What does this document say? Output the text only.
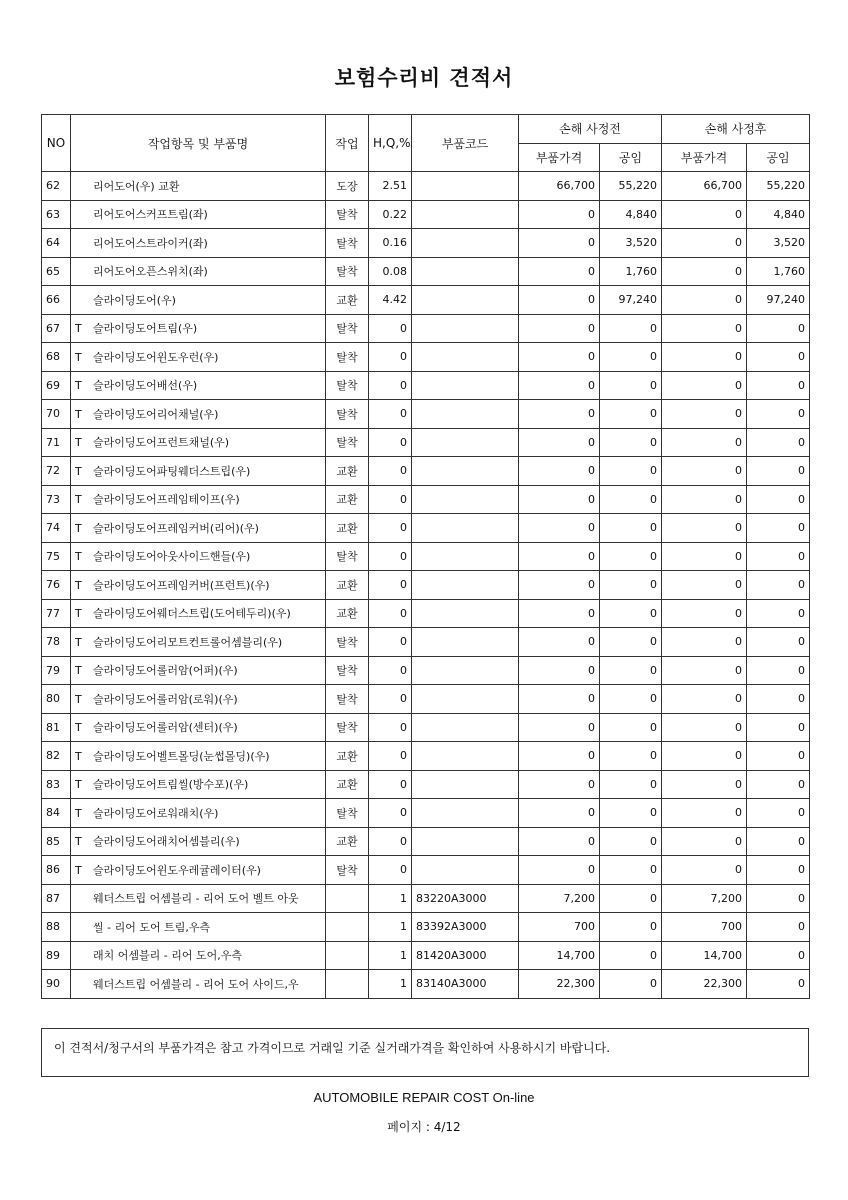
보험수리비 견적서
NO	작업항목 및 부품명	작업	H,Q,%	부품코드	손해 사정전		손해 사정후	
					부품가격	공임	부품가격	공임
62	리어도어(우) 교환	도장	2.51		66,700	55,220	66,700	55,220
63	리어도어스커프트림(좌)	탈착	0.22		0	4,840	0	4,840
64	리어도어스트라이커(좌)	탈착	0.16		0	3,520	0	3,520
65	리어도어오픈스위치(좌)	탈착	0.08		0	1,760	0	1,760
66	슬라이딩도어(우)	교환	4.42		0	97,240	0	97,240
67	T 슬라이딩도어트림(우)	탈착	0		0	0	0	0
68	T 슬라이딩도어윈도우런(우)	탈착	0		0	0	0	0
69	T 슬라이딩도어배선(우)	탈착	0		0	0	0	0
70	T 슬라이딩도어리어채널(우)	탈착	0		0	0	0	0
71	T 슬라이딩도어프런트채널(우)	탈착	0		0	0	0	0
72	T 슬라이딩도어파팅웨더스트립(우)	교환	0		0	0	0	0
73	T 슬라이딩도어프레임테이프(우)	교환	0		0	0	0	0
74	T 슬라이딩도어프레임커버(리어)(우)	교환	0		0	0	0	0
75	T 슬라이딩도어아웃사이드핸들(우)	탈착	0		0	0	0	0
76	T 슬라이딩도어프레임커버(프런트)(우)	교환	0		0	0	0	0
77	T 슬라이딩도어웨더스트립(도어테두리)(우)	교환	0		0	0	0	0
78	T 슬라이딩도어리모트컨트롤어셈블리(우)	탈착	0		0	0	0	0
79	T 슬라이딩도어롤러암(어퍼)(우)	탈착	0		0	0	0	0
80	T 슬라이딩도어롤러암(로워)(우)	탈착	0		0	0	0	0
81	T 슬라이딩도어롤러암(센터)(우)	탈착	0		0	0	0	0
82	T 슬라이딩도어벨트몰딩(눈썹몰딩)(우)	교환	0		0	0	0	0
83	T 슬라이딩도어트림씰(방수포)(우)	교환	0		0	0	0	0
84	T 슬라이딩도어로워래치(우)	탈착	0		0	0	0	0
85	T 슬라이딩도어래치어셈블리(우)	교환	0		0	0	0	0
86	T 슬라이딩도어윈도우레귤레이터(우)	탈착	0		0	0	0	0
87	웨더스트립 어셈블리 - 리어 도어 벨트 아웃		1	83220A3000	7,200	0	7,200	0
88	씰 - 리어 도어 트림,우측		1	83392A3000	700	0	700	0
89	래치 어셈블리 - 리어 도어,우측		1	81420A3000	14,700	0	14,700	0
90	웨더스트립 어셈블리 - 리어 도어 사이드,우		1	83140A3000	22,300	0	22,300	0
이 견적서/청구서의 부품가격은 참고 가격이므로 거래일 기준 실거래가격을 확인하여 사용하시기 바랍니다.
AUTOMOBILE REPAIR COST On-line
페이지 : 4/12
